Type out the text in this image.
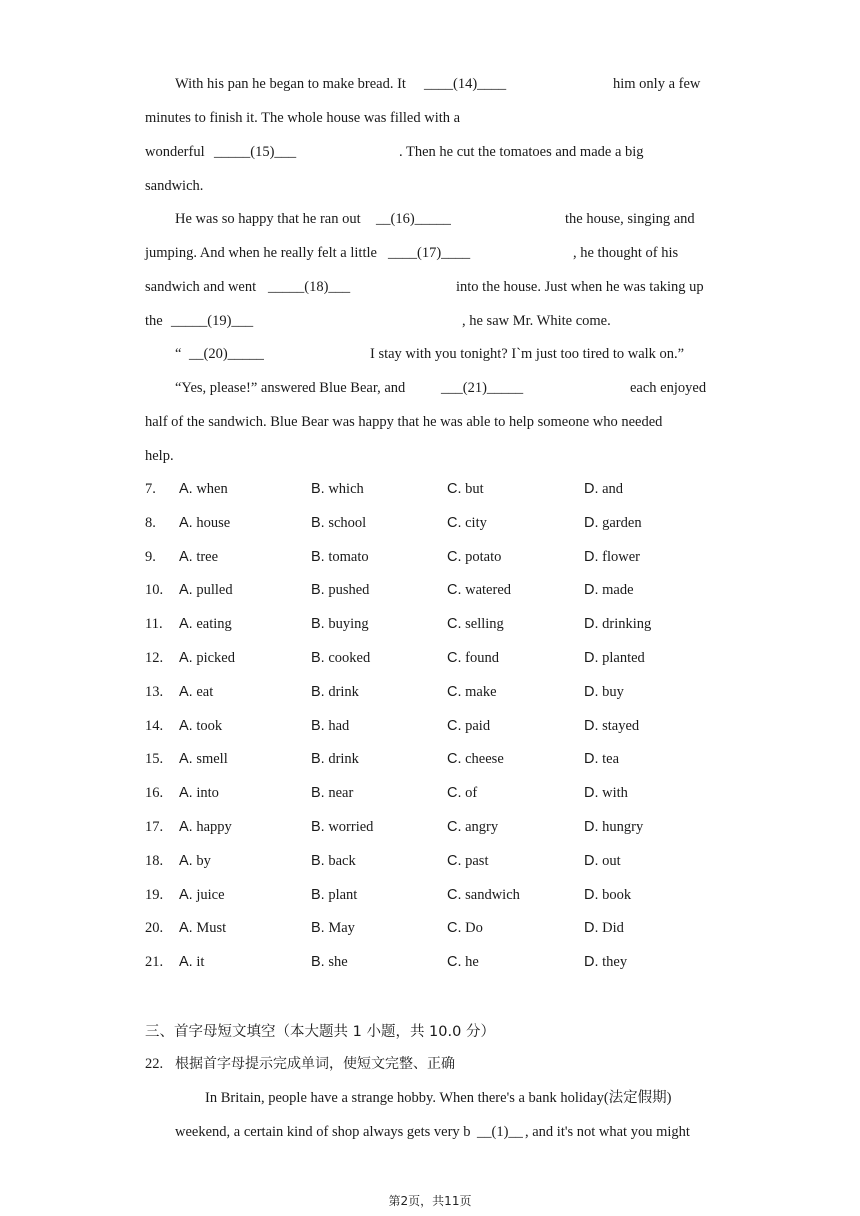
With his pan he began to make bread. It ____(14)____	him only a few
minutes to finish it. The whole house was filled with a
wonderful _____(15)___	. Then he cut the tomatoes and made a big
sandwich.
He was so happy that he ran out __(16)_____	the house, singing and
jumping. And when he really felt a little ____(17)____	, he thought of his
sandwich and went _____(18)___	into the house. Just when he was taking up
the _____(19)___	, he saw Mr. White come.
“ __(20)_____	I stay with you tonight? I`m just too tired to walk on.”
“Yes, please!” answered Blue Bear, and ___(21)_____	each enjoyed
half of the sandwich. Blue Bear was happy that he was able to help someone who needed
help.
7. A. when	B. which	C. but	D. and
8. A. house	B. school	C. city	D. garden
9. A. tree	B. tomato	C. potato	D. flower
10. A. pulled	B. pushed	C. watered	D. made
11. A. eating	B. buying	C. selling	D. drinking
12. A. picked	B. cooked	C. found	D. planted
13. A. eat	B. drink	C. make	D. buy
14. A. took	B. had	C. paid	D. stayed
15. A. smell	B. drink	C. cheese	D. tea
16. A. into	B. near	C. of	D. with
17. A. happy	B. worried	C. angry	D. hungry
18. A. by	B. back	C. past	D. out
19. A. juice	B. plant	C. sandwich	D. book
20. A. Must	B. May	C. Do	D. Did
21. A. it	B. she	C. he	D. they
三、首字母短文填空（本大题共 1 小题，共 10.0 分）
22. 根据首字母提示完成单词，使短文完整、正确
In Britain, people have a strange hobby. When there's a bank holiday(法定假期)
weekend, a certain kind of shop always gets very b __(1)__ , and it's not what you might
第2页，共11页
